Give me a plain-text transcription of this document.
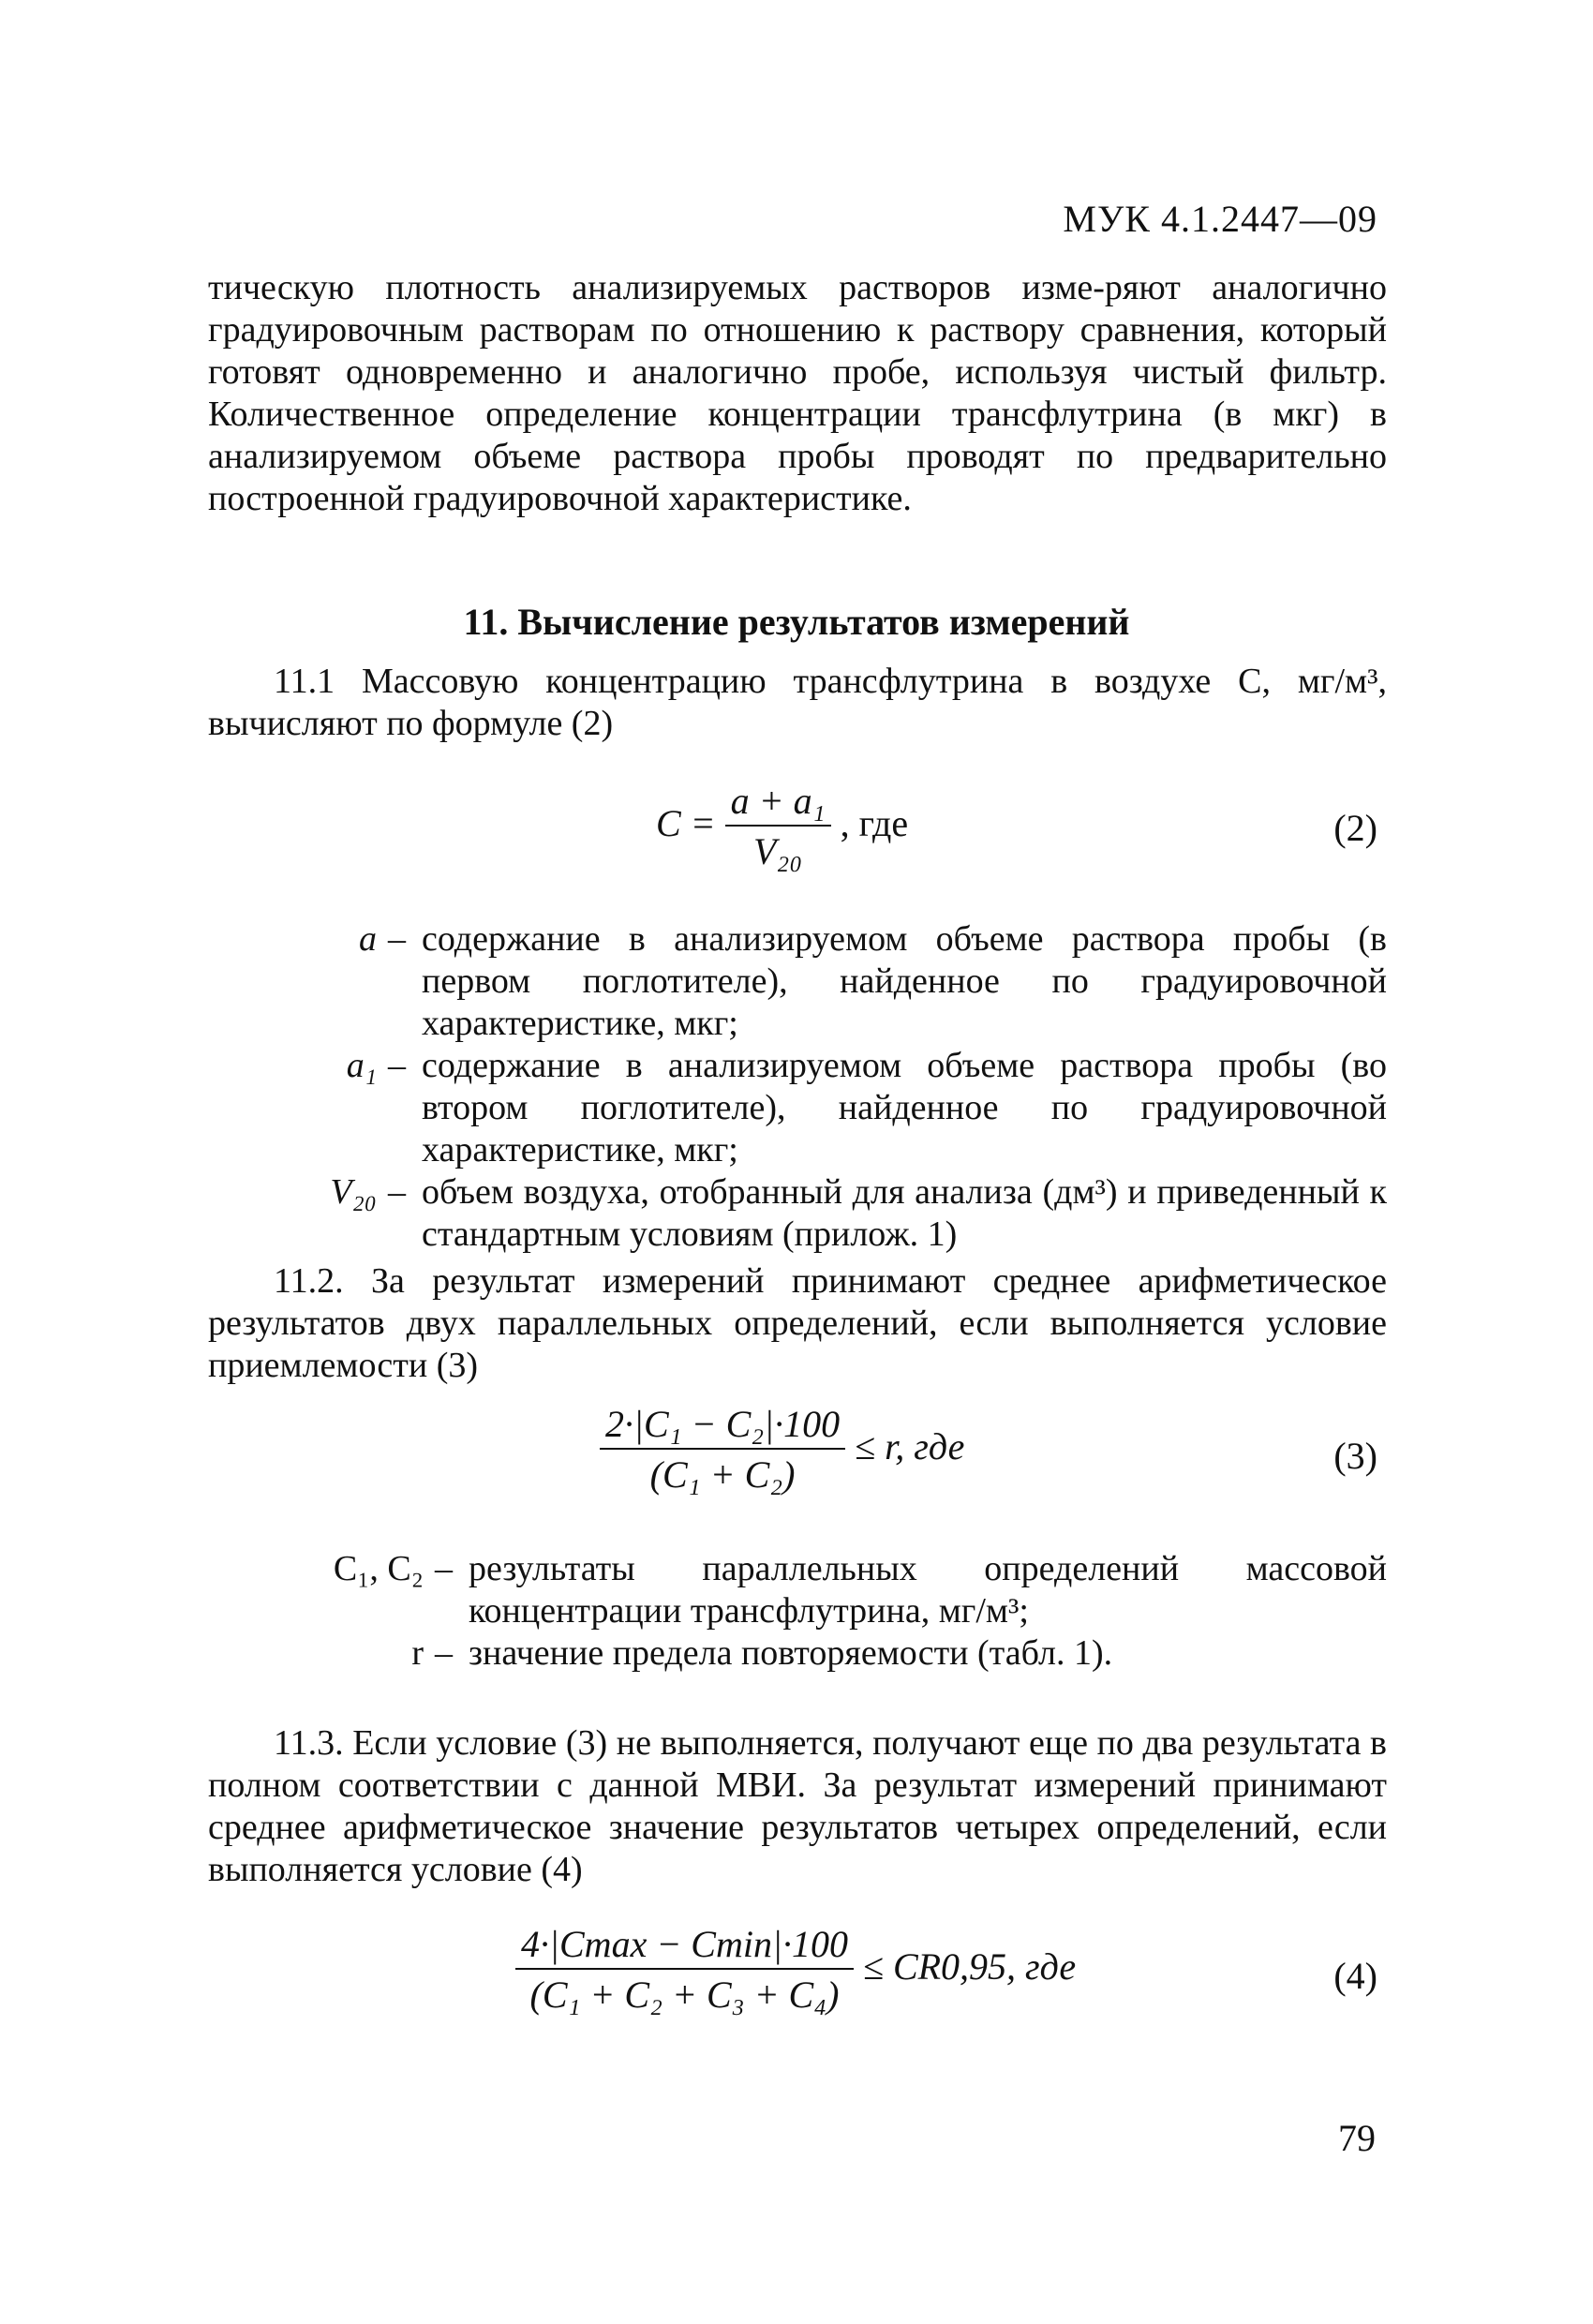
МУК 4.1.2447—09

тическую плотность анализируемых растворов изме-ряют аналогично градуировочным растворам по отношению к раствору сравнения, который готовят одновременно и аналогично пробе, используя чистый фильтр. Количественное определение концентрации трансфлутрина (в мкг) в анализируемом объеме раствора пробы проводят по предварительно построенной градуировочной характеристике.

11. Вычисление результатов измерений

11.1 Массовую концентрацию трансфлутрина в воздухе С, мг/м³, вычисляют по формуле (2)

$C = \frac{\text{a + a₁}}{\text{V₂₀}}$ , где	(2)
a – содержание в анализируемом объеме раствора пробы (в первом поглотителе), найденное по градуировочной характеристике, мкг;
a₁ – содержание в анализируемом объеме раствора пробы (во втором поглотителе), найденное по градуировочной характеристике, мкг;
V₂₀ – объем воздуха, отобранный для анализа (дм³) и приведенный к стандартным условиям (прилож. 1)

11.2. За результат измерений принимают среднее арифметическое результатов двух параллельных определений, если выполняется условие приемлемости (3)

$\frac{\text{2·|C₁ − C₂|·100}}{\text{(C₁ + C₂)}} \le r$, где	(3)
C₁, C₂ – результаты параллельных определений массовой концентрации трансфлутрина, мг/м³;
r – значение предела повторяемости (табл. 1).

11.3. Если условие (3) не выполняется, получают еще по два результата в полном соответствии с данной МВИ. За результат измерений принимают среднее арифметическое значение результатов четырех определений, если выполняется условие (4)

$\frac{4\cdot|Cmax - Cmin|\cdot 100}{\text{(C₁ + C₂ + C₃ + C₄)}} \le CR0,95$, где	(4)
79
